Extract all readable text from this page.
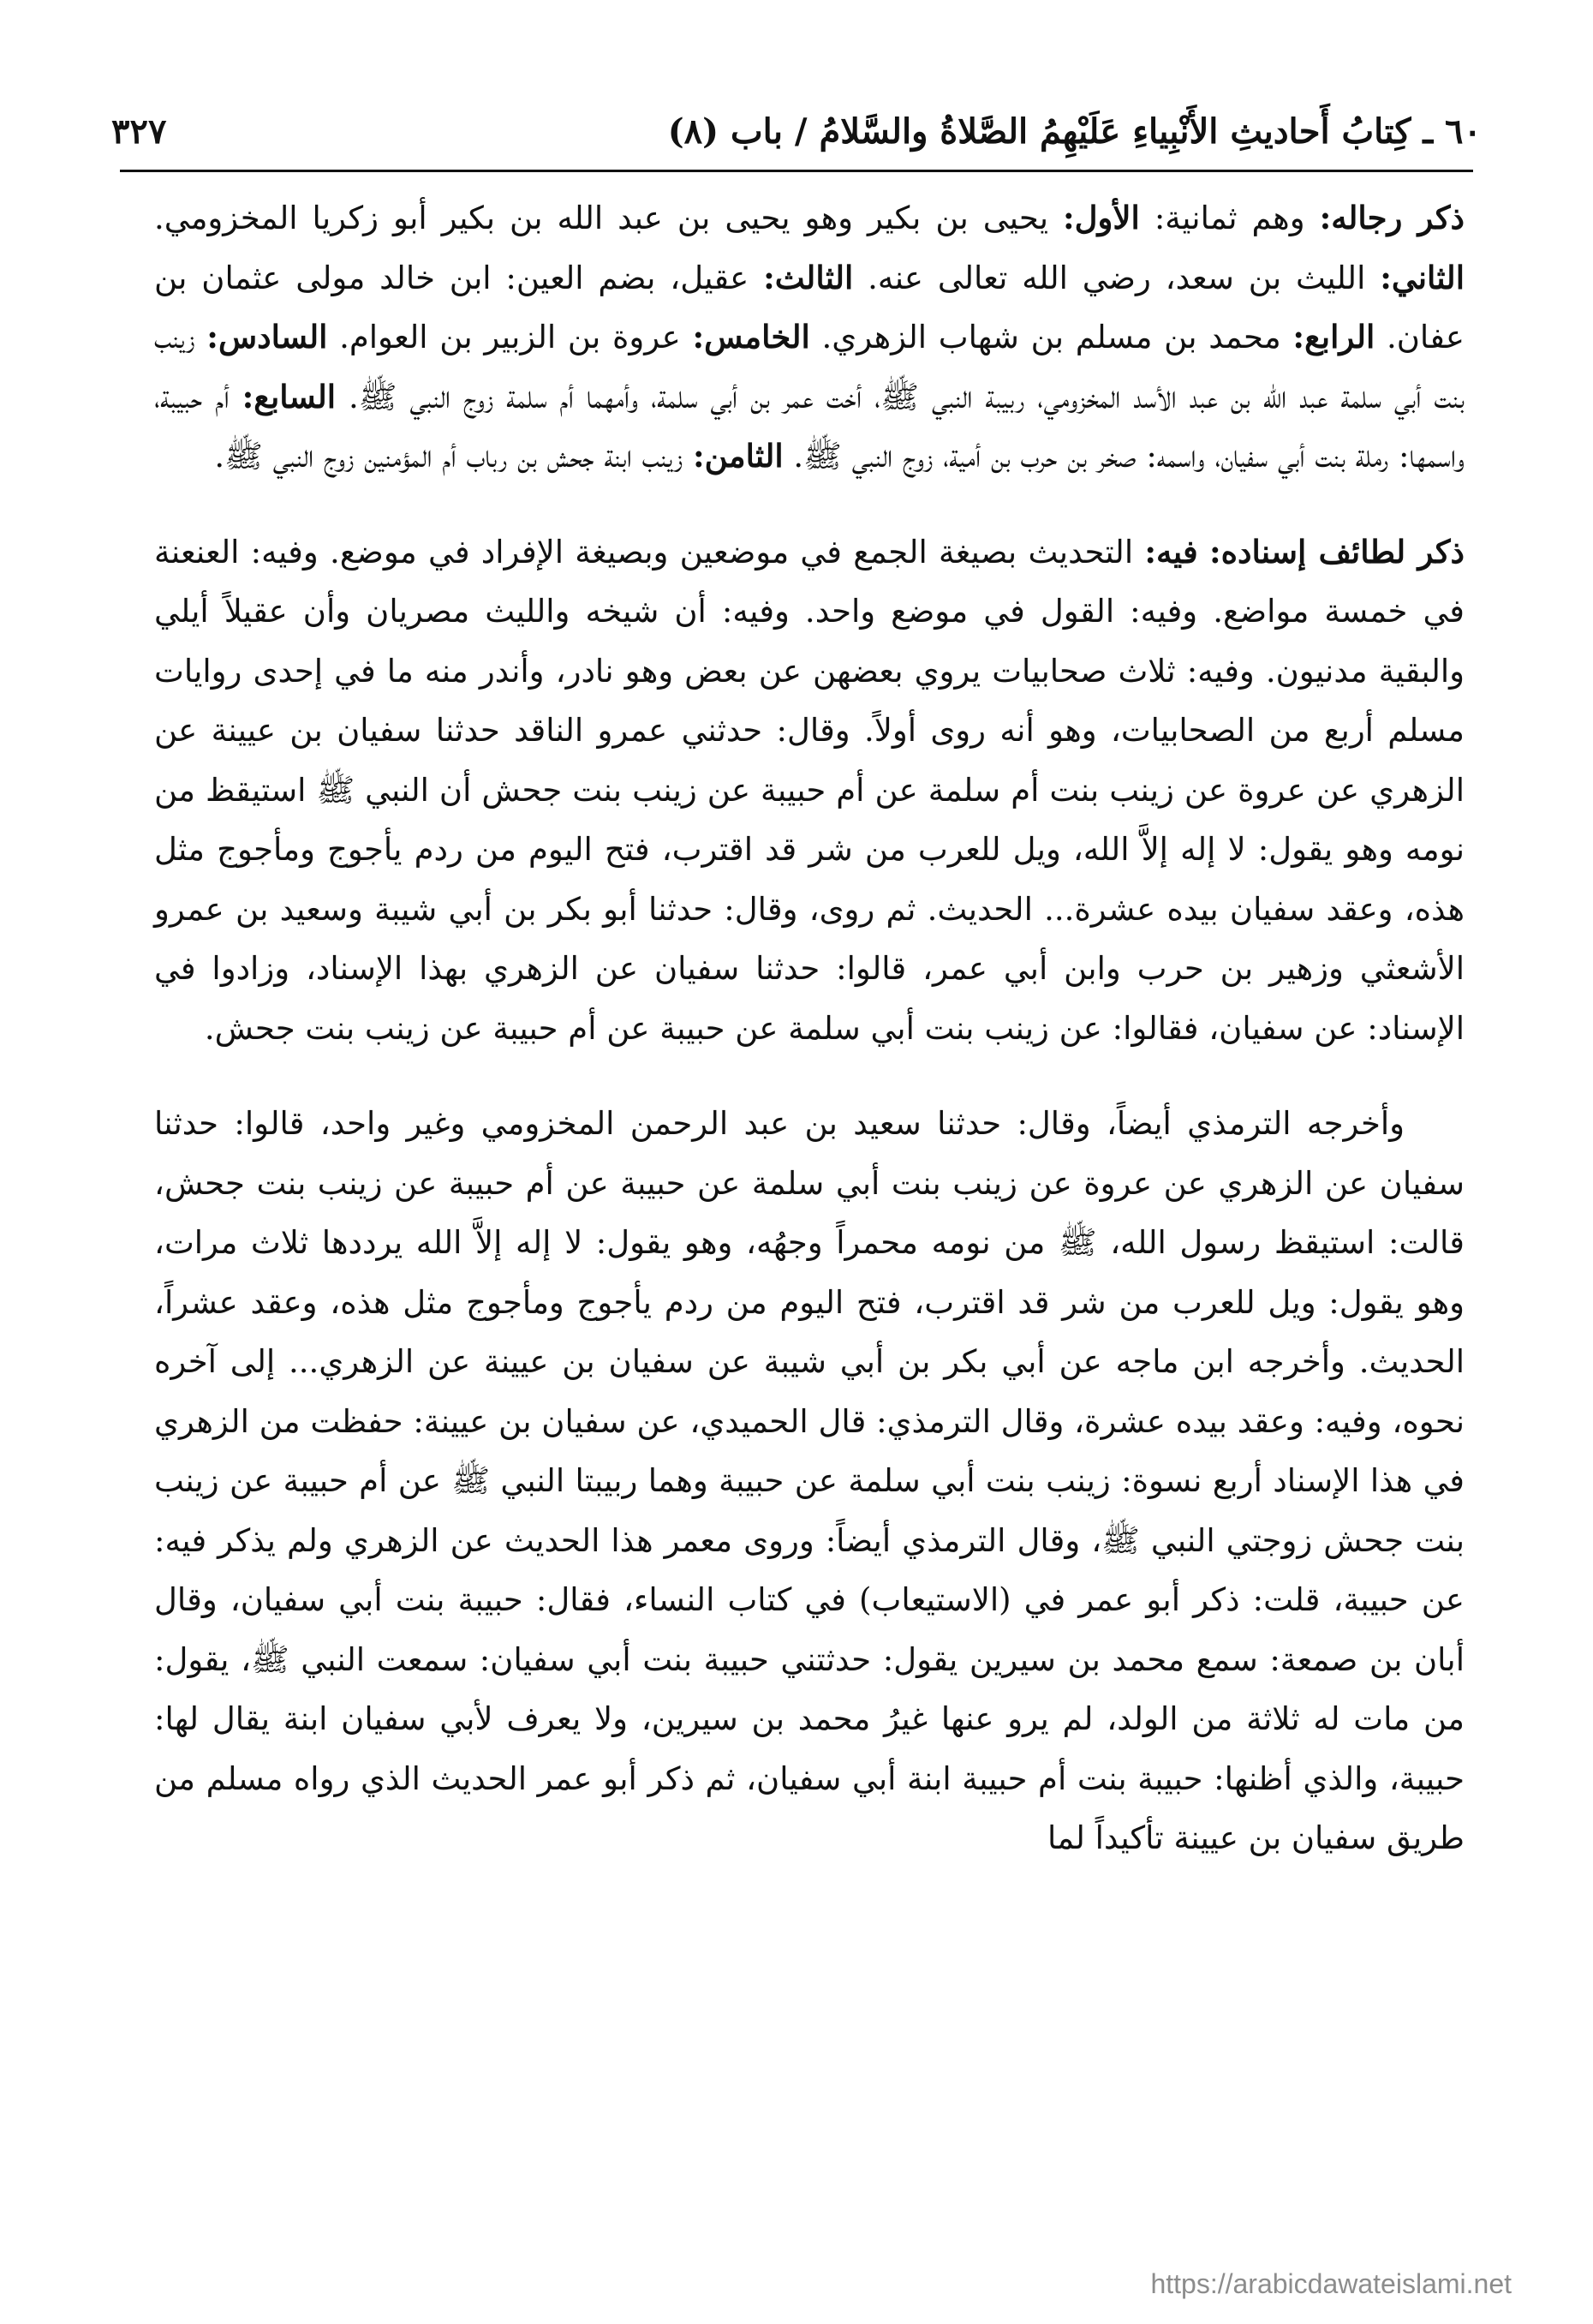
٦٠ ـ كِتابُ أَحاديثِ الأَنْبِياءِ عَلَيْهِمُ الصَّلاةُ والسَّلامُ / باب (٨)
٣٢٧

ذكر رجاله: وهم ثمانية: الأول: يحيى بن بكير وهو يحيى بن عبد الله بن بكير أبو زكريا المخزومي. الثاني: الليث بن سعد، رضي الله تعالى عنه. الثالث: عقيل، بضم العين: ابن خالد مولى عثمان بن عفان. الرابع: محمد بن مسلم بن شهاب الزهري. الخامس: عروة بن الزبير بن العوام. السادس: زينب بنت أبي سلمة عبد الله بن عبد الأسد المخزومي، ربيبة النبي ﷺ، أخت عمر بن أبي سلمة، وأمهما أم سلمة زوج النبي ﷺ. السابع: أم حبيبة، واسمها: رملة بنت أبي سفيان، واسمه: صخر بن حرب بن أمية، زوج النبي ﷺ. الثامن: زينب ابنة جحش بن رباب أم المؤمنين زوج النبي ﷺ.

ذكر لطائف إسناده: فيه: التحديث بصيغة الجمع في موضعين وبصيغة الإفراد في موضع. وفيه: العنعنة في خمسة مواضع. وفيه: القول في موضع واحد. وفيه: أن شيخه والليث مصريان وأن عقيلاً أيلي والبقية مدنيون. وفيه: ثلاث صحابيات يروي بعضهن عن بعض وهو نادر، وأندر منه ما في إحدى روايات مسلم أربع من الصحابيات، وهو أنه روى أولاً. وقال: حدثني عمرو الناقد حدثنا سفيان بن عيينة عن الزهري عن عروة عن زينب بنت أم سلمة عن أم حبيبة عن زينب بنت جحش أن النبي ﷺ استيقظ من نومه وهو يقول: لا إله إلاَّ الله، ويل للعرب من شر قد اقترب، فتح اليوم من ردم يأجوج ومأجوج مثل هذه، وعقد سفيان بيده عشرة... الحديث. ثم روى، وقال: حدثنا أبو بكر بن أبي شيبة وسعيد بن عمرو الأشعثي وزهير بن حرب وابن أبي عمر، قالوا: حدثنا سفيان عن الزهري بهذا الإسناد، وزادوا في الإسناد: عن سفيان، فقالوا: عن زينب بنت أبي سلمة عن حبيبة عن أم حبيبة عن زينب بنت جحش.

وأخرجه الترمذي أيضاً، وقال: حدثنا سعيد بن عبد الرحمن المخزومي وغير واحد، قالوا: حدثنا سفيان عن الزهري عن عروة عن زينب بنت أبي سلمة عن حبيبة عن أم حبيبة عن زينب بنت جحش، قالت: استيقظ رسول الله، ﷺ من نومه محمراً وجهُه، وهو يقول: لا إله إلاَّ الله يرددها ثلاث مرات، وهو يقول: ويل للعرب من شر قد اقترب، فتح اليوم من ردم يأجوج ومأجوج مثل هذه، وعقد عشراً، الحديث. وأخرجه ابن ماجه عن أبي بكر بن أبي شيبة عن سفيان بن عيينة عن الزهري... إلى آخره نحوه، وفيه: وعقد بيده عشرة، وقال الترمذي: قال الحميدي، عن سفيان بن عيينة: حفظت من الزهري في هذا الإسناد أربع نسوة: زينب بنت أبي سلمة عن حبيبة وهما ربيبتا النبي ﷺ عن أم حبيبة عن زينب بنت جحش زوجتي النبي ﷺ، وقال الترمذي أيضاً: وروى معمر هذا الحديث عن الزهري ولم يذكر فيه: عن حبيبة، قلت: ذكر أبو عمر في (الاستيعاب) في كتاب النساء، فقال: حبيبة بنت أبي سفيان، وقال أبان بن صمعة: سمع محمد بن سيرين يقول: حدثتني حبيبة بنت أبي سفيان: سمعت النبي ﷺ، يقول: من مات له ثلاثة من الولد، لم يرو عنها غيرُ محمد بن سيرين، ولا يعرف لأبي سفيان ابنة يقال لها: حبيبة، والذي أظنها: حبيبة بنت أم حبيبة ابنة أبي سفيان، ثم ذكر أبو عمر الحديث الذي رواه مسلم من طريق سفيان بن عيينة تأكيداً لما

https://arabicdawateislami.net
